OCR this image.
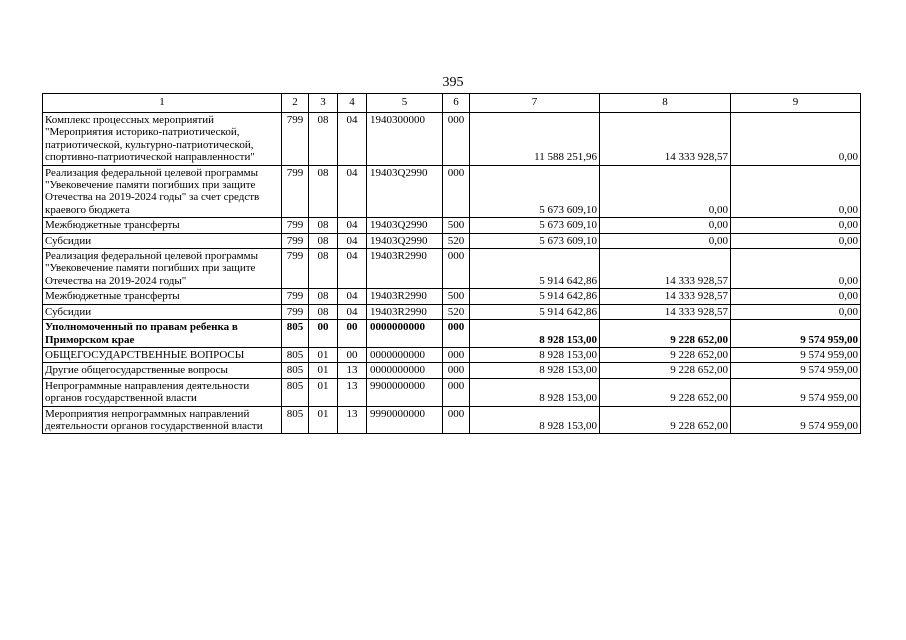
395
1	2	3	4	5	6	7	8	9
Комплекс процессных мероприятий "Мероприятия историко-патриотической, патриотической, культурно-патриотической, спортивно-патриотической направленности"	799	08	04	1940300000	000	11 588 251,96	14 333 928,57	0,00
Реализация федеральной целевой программы "Увековечение памяти погибших при защите Отечества на 2019-2024 годы" за счет средств краевого бюджета	799	08	04	19403Q2990	000	5 673 609,10	0,00	0,00
Межбюджетные трансферты	799	08	04	19403Q2990	500	5 673 609,10	0,00	0,00
Субсидии	799	08	04	19403Q2990	520	5 673 609,10	0,00	0,00
Реализация федеральной целевой программы "Увековечение памяти погибших при защите Отечества на 2019-2024 годы"	799	08	04	19403R2990	000	5 914 642,86	14 333 928,57	0,00
Межбюджетные трансферты	799	08	04	19403R2990	500	5 914 642,86	14 333 928,57	0,00
Субсидии	799	08	04	19403R2990	520	5 914 642,86	14 333 928,57	0,00
Уполномоченный по правам ребенка в Приморском крае	805	00	00	0000000000	000	8 928 153,00	9 228 652,00	9 574 959,00
ОБЩЕГОСУДАРСТВЕННЫЕ ВОПРОСЫ	805	01	00	0000000000	000	8 928 153,00	9 228 652,00	9 574 959,00
Другие общегосударственные вопросы	805	01	13	0000000000	000	8 928 153,00	9 228 652,00	9 574 959,00
Непрограммные направления деятельности органов государственной власти	805	01	13	9900000000	000	8 928 153,00	9 228 652,00	9 574 959,00
Мероприятия непрограммных направлений деятельности органов государственной власти	805	01	13	9990000000	000	8 928 153,00	9 228 652,00	9 574 959,00
